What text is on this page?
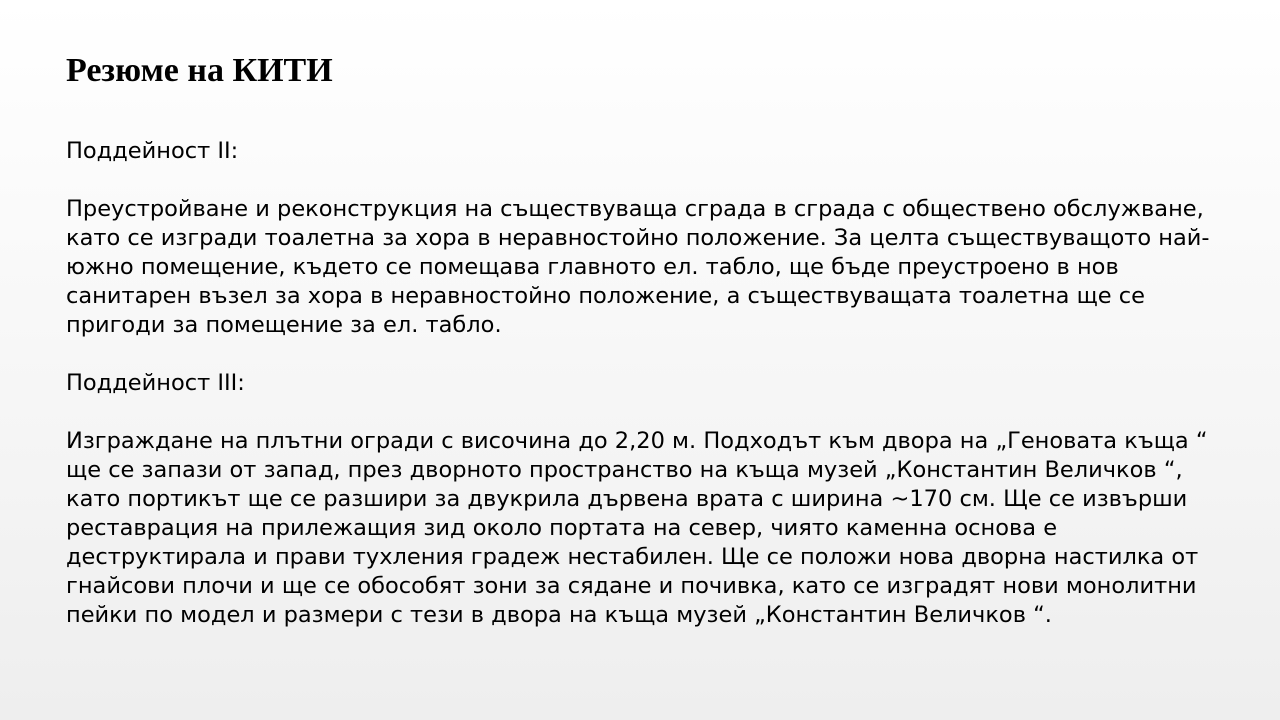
Резюме на КИТИ

Поддейност II:

Преустройване и реконструкция на съществуваща сграда в сграда с обществено обслужване,

като се изгради тоалетна за хора в неравностойно положение. За целта съществуващото най-

южно помещение, където се помещава главното ел. табло, ще бъде преустроено в нов

санитарен възел за хора в неравностойно положение, а съществуващата тоалетна ще се

пригоди за помещение за ел. табло.

Поддейност III:

Изграждане на плътни огради с височина до 2,20 м. Подходът към двора на „Геновата къща “

ще се запази от запад, през дворното пространство на къща музей „Константин Величков “,

като портикът ще се разшири за двукрила дървена врата с ширина ~170 см. Ще се извърши

реставрация на прилежащия зид около портата на север, чиято каменна основа е

деструктирала и прави тухления градеж нестабилен. Ще се положи нова дворна настилка от

гнайсови плочи и ще се обособят зони за сядане и почивка, като се изградят нови монолитни

пейки по модел и размери с тези в двора на къща музей „Константин Величков “.
